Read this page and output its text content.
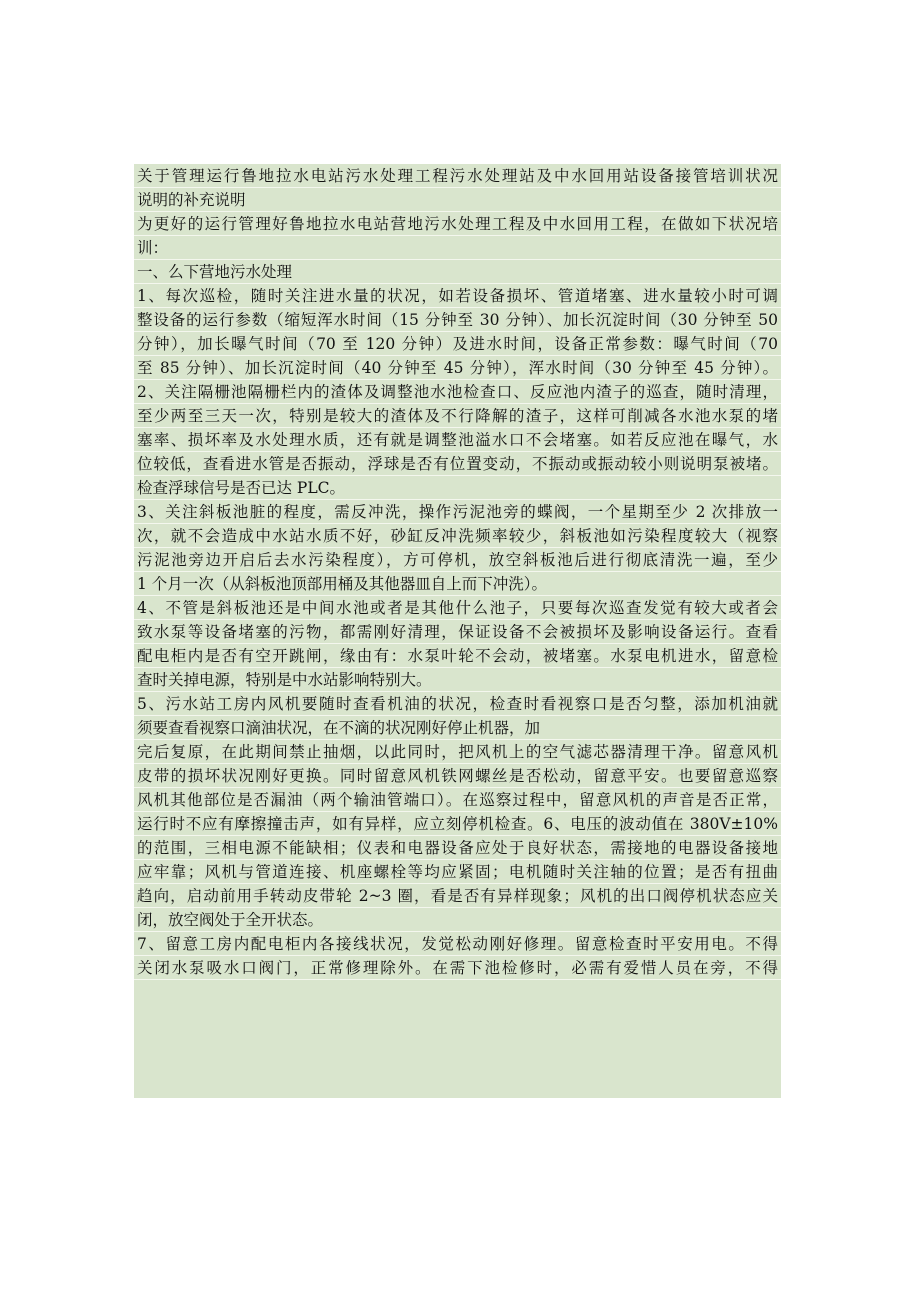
关于管理运行鲁地拉水电站污水处理工程污水处理站及中水回用站设备接管培训状况
说明的补充说明
为更好的运行管理好鲁地拉水电站营地污水处理工程及中水回用工程，在做如下状况培
训：
一、么下营地污水处理
1、每次巡检，随时关注进水量的状况，如若设备损坏、管道堵塞、进水量较小时可调
整设备的运行参数（缩短浑水时间（15 分钟至 30 分钟）、加长沉淀时间（30 分钟至 50
分钟），加长曝气时间（70 至 120 分钟）及进水时间，设备正常参数：曝气时间（70
至 85 分钟）、加长沉淀时间（40 分钟至 45 分钟），浑水时间（30 分钟至 45 分钟）。
2、关注隔栅池隔栅栏内的渣体及调整池水池检查口、反应池内渣子的巡查，随时清理，
至少两至三天一次，特别是较大的渣体及不行降解的渣子，这样可削减各水池水泵的堵
塞率、损坏率及水处理水质，还有就是调整池溢水口不会堵塞。如若反应池在曝气，水
位较低，查看进水管是否振动，浮球是否有位置变动，不振动或振动较小则说明泵被堵。
检查浮球信号是否已达 PLC。
3、关注斜板池脏的程度，需反冲洗，操作污泥池旁的蝶阀，一个星期至少 2 次排放一
次，就不会造成中水站水质不好，砂缸反冲洗频率较少，斜板池如污染程度较大（视察
污泥池旁边开启后去水污染程度），方可停机，放空斜板池后进行彻底清洗一遍，至少
1 个月一次（从斜板池顶部用桶及其他器皿自上而下冲洗）。
4、不管是斜板池还是中间水池或者是其他什么池子，只要每次巡查发觉有较大或者会
致水泵等设备堵塞的污物，都需刚好清理，保证设备不会被损坏及影响设备运行。查看
配电柜内是否有空开跳闸，缘由有：水泵叶轮不会动，被堵塞。水泵电机进水，留意检
查时关掉电源，特别是中水站影响特别大。
5、污水站工房内风机要随时查看机油的状况，检查时看视察口是否匀整，添加机油就
须要查看视察口滴油状况，在不滴的状况刚好停止机器，加
完后复原，在此期间禁止抽烟，以此同时，把风机上的空气滤芯器清理干净。留意风机
皮带的损坏状况刚好更换。同时留意风机铁网螺丝是否松动，留意平安。也要留意巡察
风机其他部位是否漏油（两个输油管端口）。在巡察过程中，留意风机的声音是否正常，
运行时不应有摩擦撞击声，如有异样，应立刻停机检查。6、电压的波动值在 380V±10%
的范围，三相电源不能缺相；仪表和电器设备应处于良好状态，需接地的电器设备接地
应牢靠；风机与管道连接、机座螺栓等均应紧固；电机随时关注轴的位置；是否有扭曲
趋向，启动前用手转动皮带轮 2~3 圈，看是否有异样现象；风机的出口阀停机状态应关
闭，放空阀处于全开状态。
7、留意工房内配电柜内各接线状况，发觉松动刚好修理。留意检查时平安用电。不得
关闭水泵吸水口阀门，正常修理除外。在需下池检修时，必需有爱惜人员在旁，不得
